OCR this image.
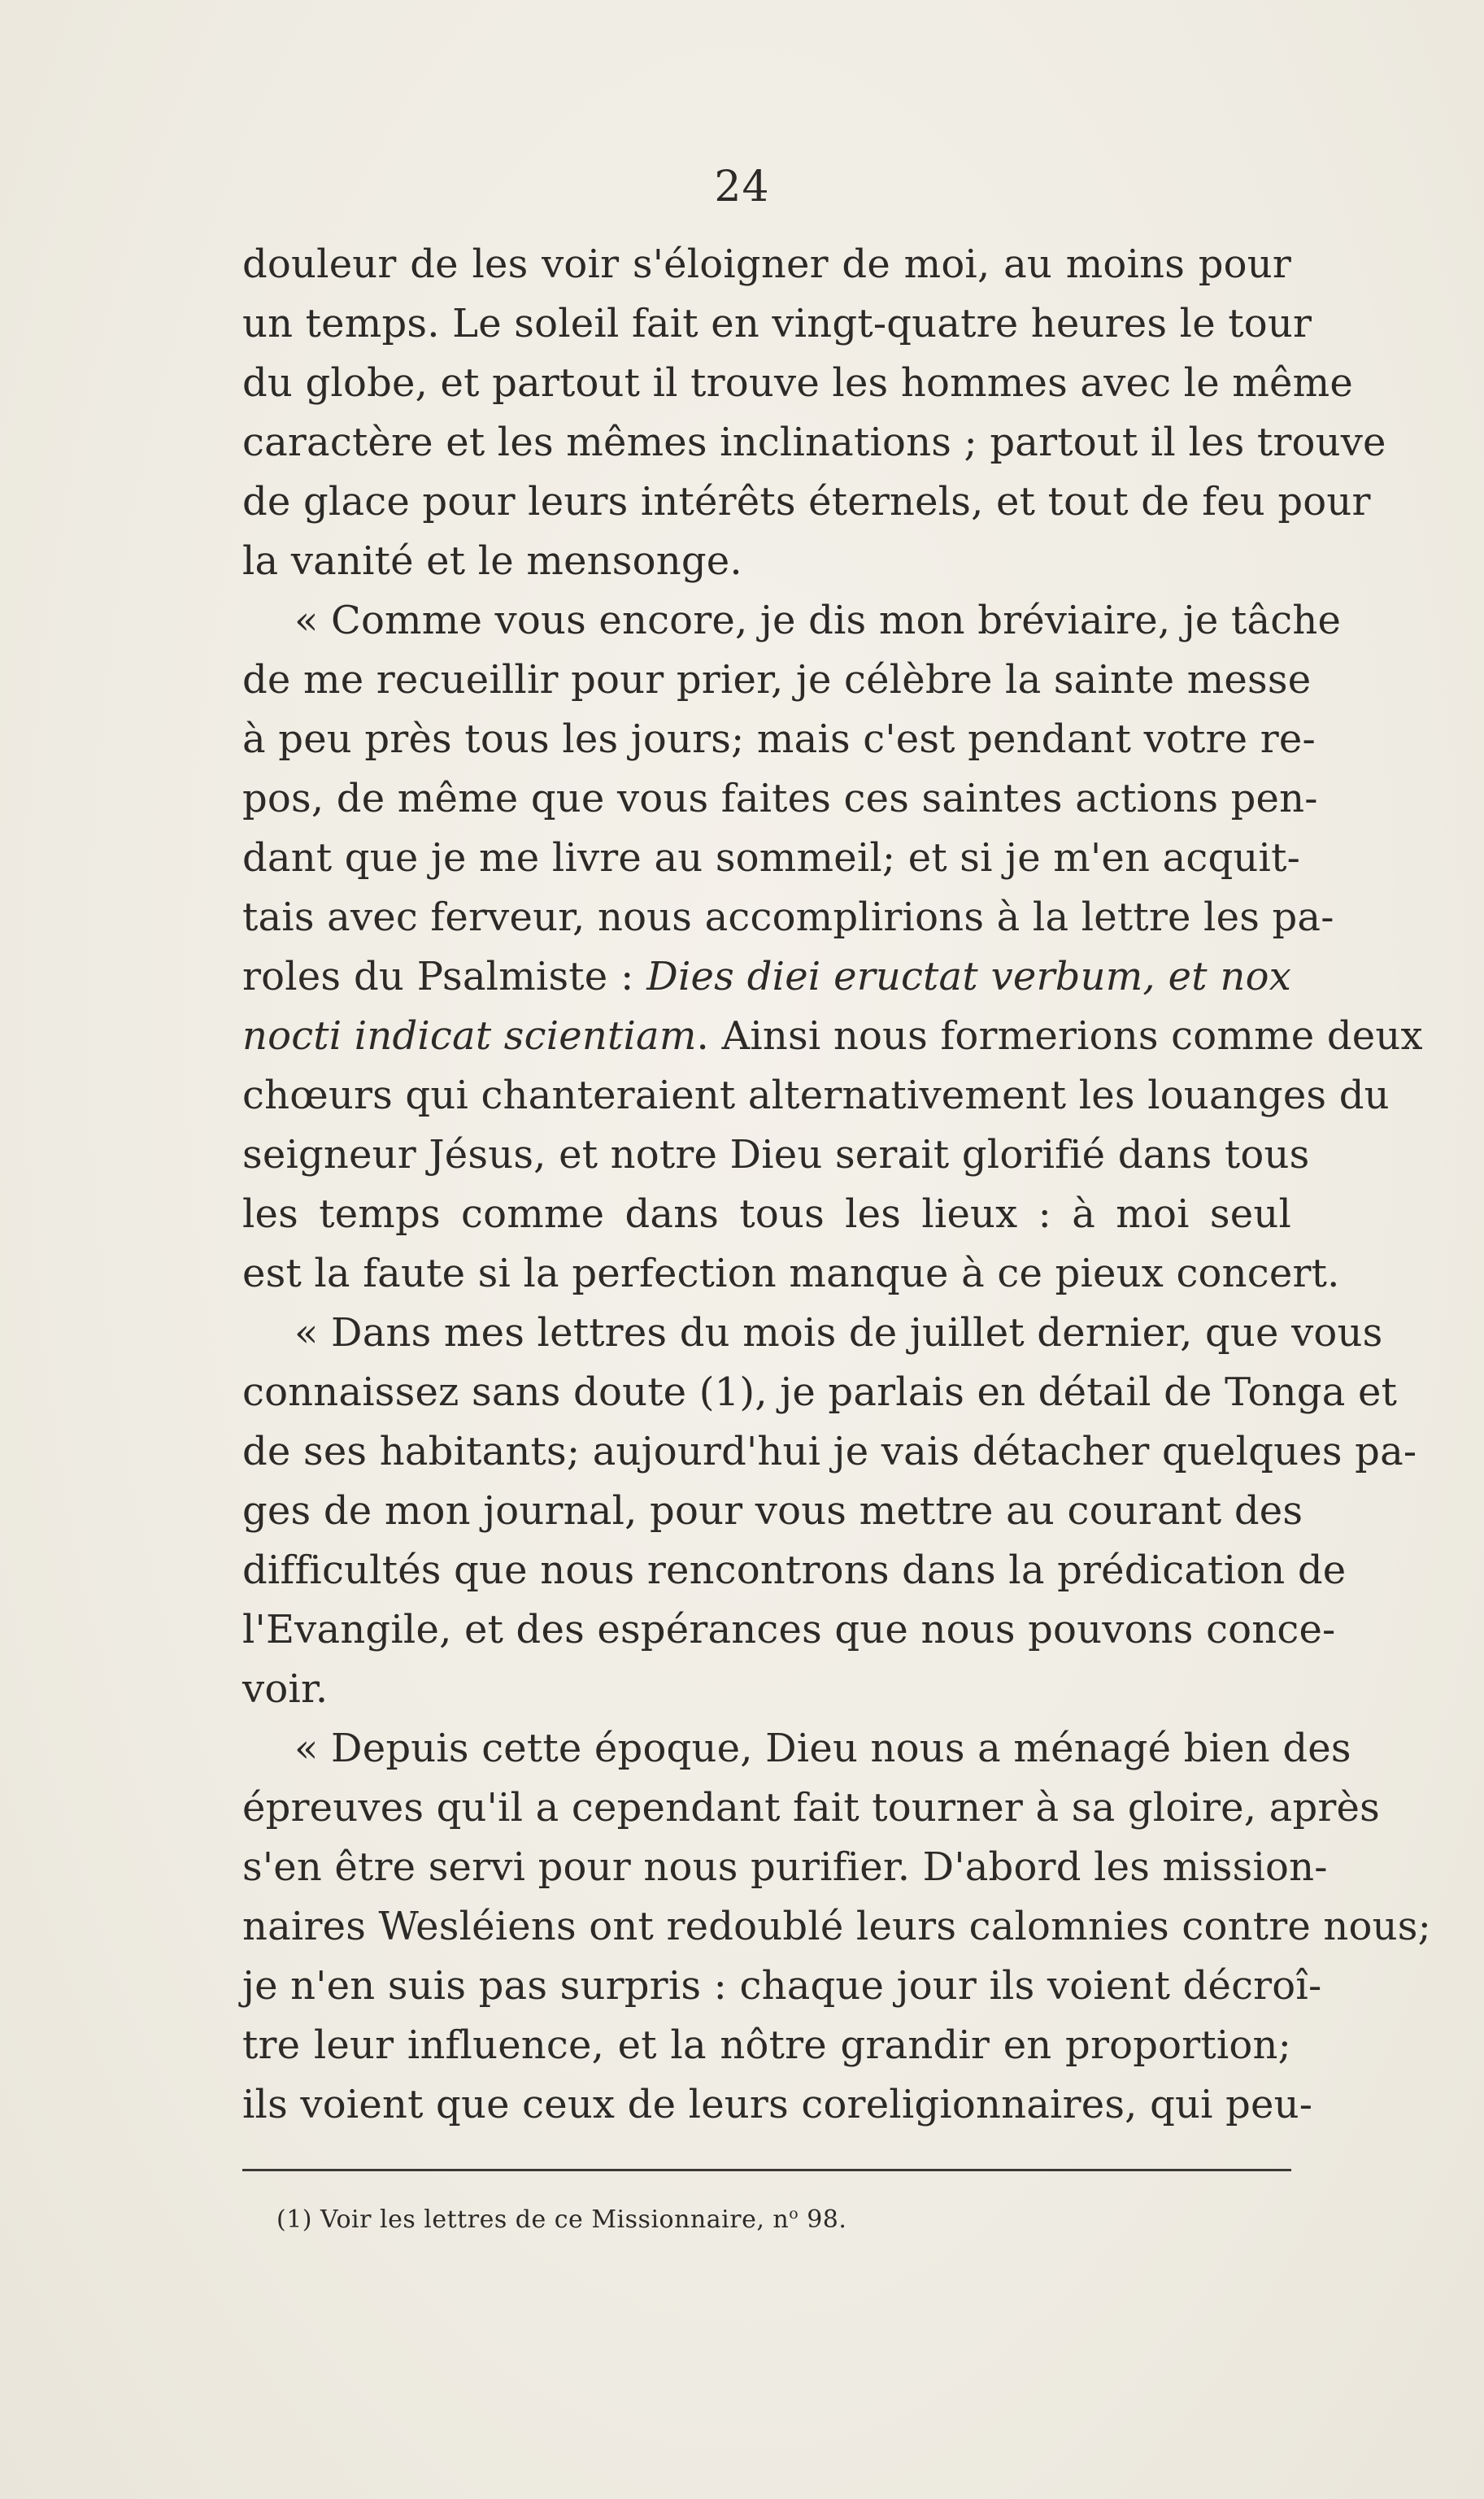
24
douleur de les voir s'éloigner de moi, au moins pour
un temps. Le soleil fait en vingt-quatre heures le tour
du globe, et partout il trouve les hommes avec le même
caractère et les mêmes inclinations ; partout il les trouve
de glace pour leurs intérêts éternels, et tout de feu pour
la vanité et le mensonge.
« Comme vous encore, je dis mon bréviaire, je tâche
de me recueillir pour prier, je célèbre la sainte messe
à peu près tous les jours; mais c'est pendant votre re-
pos, de même que vous faites ces saintes actions pen-
dant que je me livre au sommeil; et si je m'en acquit-
tais avec ferveur, nous accomplirions à la lettre les pa-
roles du Psalmiste : Dies diei eructat verbum, et nox
nocti indicat scientiam. Ainsi nous formerions comme deux
chœurs qui chanteraient alternativement les louanges du
seigneur Jésus, et notre Dieu serait glorifié dans tous
les temps comme dans tous les lieux : à moi seul
est la faute si la perfection manque à ce pieux concert.
« Dans mes lettres du mois de juillet dernier, que vous
connaissez sans doute (1), je parlais en détail de Tonga et
de ses habitants; aujourd'hui je vais détacher quelques pa-
ges de mon journal, pour vous mettre au courant des
difficultés que nous rencontrons dans la prédication de
l'Evangile, et des espérances que nous pouvons conce-
voir.
« Depuis cette époque, Dieu nous a ménagé bien des
épreuves qu'il a cependant fait tourner à sa gloire, après
s'en être servi pour nous purifier. D'abord les mission-
naires Wesléiens ont redoublé leurs calomnies contre nous;
je n'en suis pas surpris : chaque jour ils voient décroî-
tre leur influence, et la nôtre grandir en proportion;
ils voient que ceux de leurs coreligionnaires, qui peu-
(1) Voir les lettres de ce Missionnaire, $n^o$ 98.
